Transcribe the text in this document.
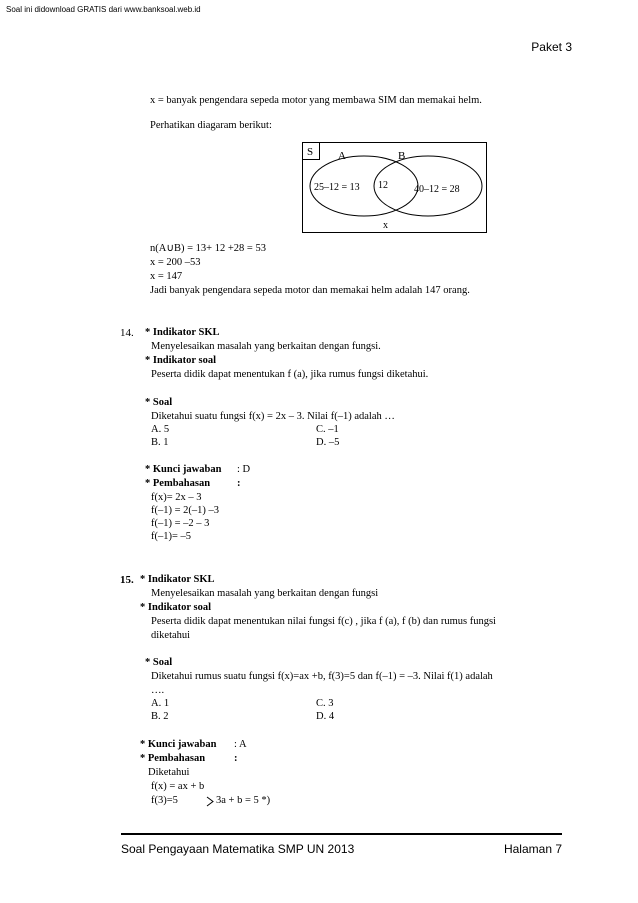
Soal ini didownload GRATIS dari www.banksoal.web.id
Paket 3
x = banyak pengendara sepeda motor yang membawa SIM dan memakai helm.
Perhatikan diagaram berikut:
S A	B
25–12 = 13 12	40–12 = 28
x
n(A∪B) = 13+ 12 +28 = 53
x = 200 –53
x = 147
Jadi banyak pengendara sepeda motor dan memakai helm adalah 147 orang.
14. * Indikator SKL
Menyelesaikan masalah yang berkaitan dengan fungsi.
* Indikator soal
Peserta didik dapat menentukan f (a), jika rumus fungsi diketahui.
* Soal
Diketahui suatu fungsi f(x) = 2x – 3. Nilai f(–1) adalah …
A. 5
B. 1
C. –1
D. –5
* Kunci jawaban : D
* Pembahasan	:
f(x)= 2x – 3
f(–1) = 2(–1) –3
f(–1) = –2 – 3
f(–1)= –5
15. * Indikator SKL
Menyelesaikan masalah yang berkaitan dengan fungsi
* Indikator soal
Peserta didik dapat menentukan nilai fungsi f(c) , jika f (a), f (b) dan rumus fungsi
diketahui
* Soal
Diketahui rumus suatu fungsi f(x)=ax +b, f(3)=5 dan f(–1) = –3. Nilai f(1) adalah
….
A. 1
B. 2
C. 3
D. 4
* Kunci jawaban : A
* Pembahasan	:
Diketahui
f(x) = ax + b
f(3)=5	3a + b = 5 *)
Soal Pengayaan Matematika SMP UN 2013	Halaman 7
